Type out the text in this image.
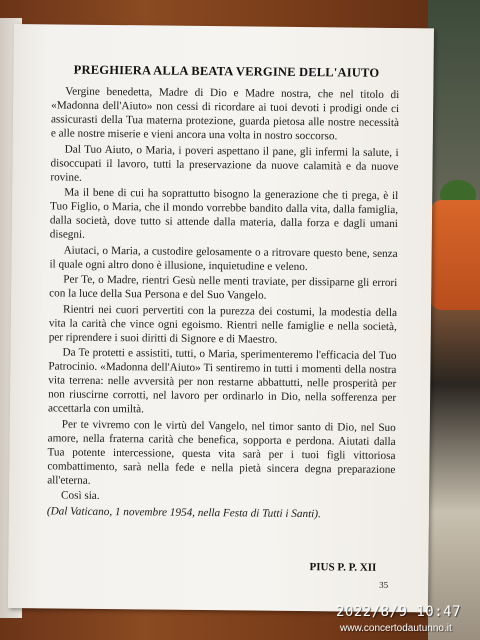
PREGHIERA ALLA BEATA VERGINE DELL'AIUTO

Vergine benedetta, Madre di Dio e Madre nostra, che nel titolo di «Madonna dell'Aiuto» non cessi di ricordare ai tuoi devoti i prodigi onde ci assicurasti della Tua materna protezione, guarda pietosa alle nostre necessità e alle nostre miserie e vieni ancora una volta in nostro soccorso.

Dal Tuo Aiuto, o Maria, i poveri aspettano il pane, gli infermi la salute, i disoccupati il lavoro, tutti la preservazione da nuove calamità e da nuove rovine.

Ma il bene di cui ha soprattutto bisogno la generazione che ti prega, è il Tuo Figlio, o Maria, che il mondo vorrebbe bandito dalla vita, dalla famiglia, dalla società, dove tutto si attende dalla materia, dalla forza e dagli umani disegni.

Aiutaci, o Maria, a custodire gelosamente o a ritrovare questo bene, senza il quale ogni altro dono è illusione, inquietudine e veleno.

Per Te, o Madre, rientri Gesù nelle menti traviate, per dissiparne gli errori con la luce della Sua Persona e del Suo Vangelo.

Rientri nei cuori pervertiti con la purezza dei costumi, la modestia della vita la carità che vince ogni egoismo. Rientri nelle famiglie e nella società, per riprendere i suoi diritti di Signore e di Maestro.

Da Te protetti e assistiti, tutti, o Maria, sperimenteremo l'efficacia del Tuo Patrocinio. «Madonna dell'Aiuto» Ti sentiremo in tutti i momenti della nostra vita terrena: nelle avversità per non restarne abbattutti, nelle prosperità per non riuscirne corrotti, nel lavoro per ordinarlo in Dio, nella sofferenza per accettarla con umiltà.

Per te vivremo con le virtù del Vangelo, nel timor santo di Dio, nel Suo amore, nella fraterna carità che benefica, sopporta e perdona. Aiutati dalla Tua potente intercessione, questa vita sarà per i tuoi figli vittoriosa combattimento, sarà nella fede e nella pietà sincera degna preparazione all'eterna.

Così sia.

(Dal Vaticano, 1 novembre 1954, nella Festa di Tutti i Santi).

PIUS P. P. XII
35
2022/8/9 10:47
www.concertodautunno.it
